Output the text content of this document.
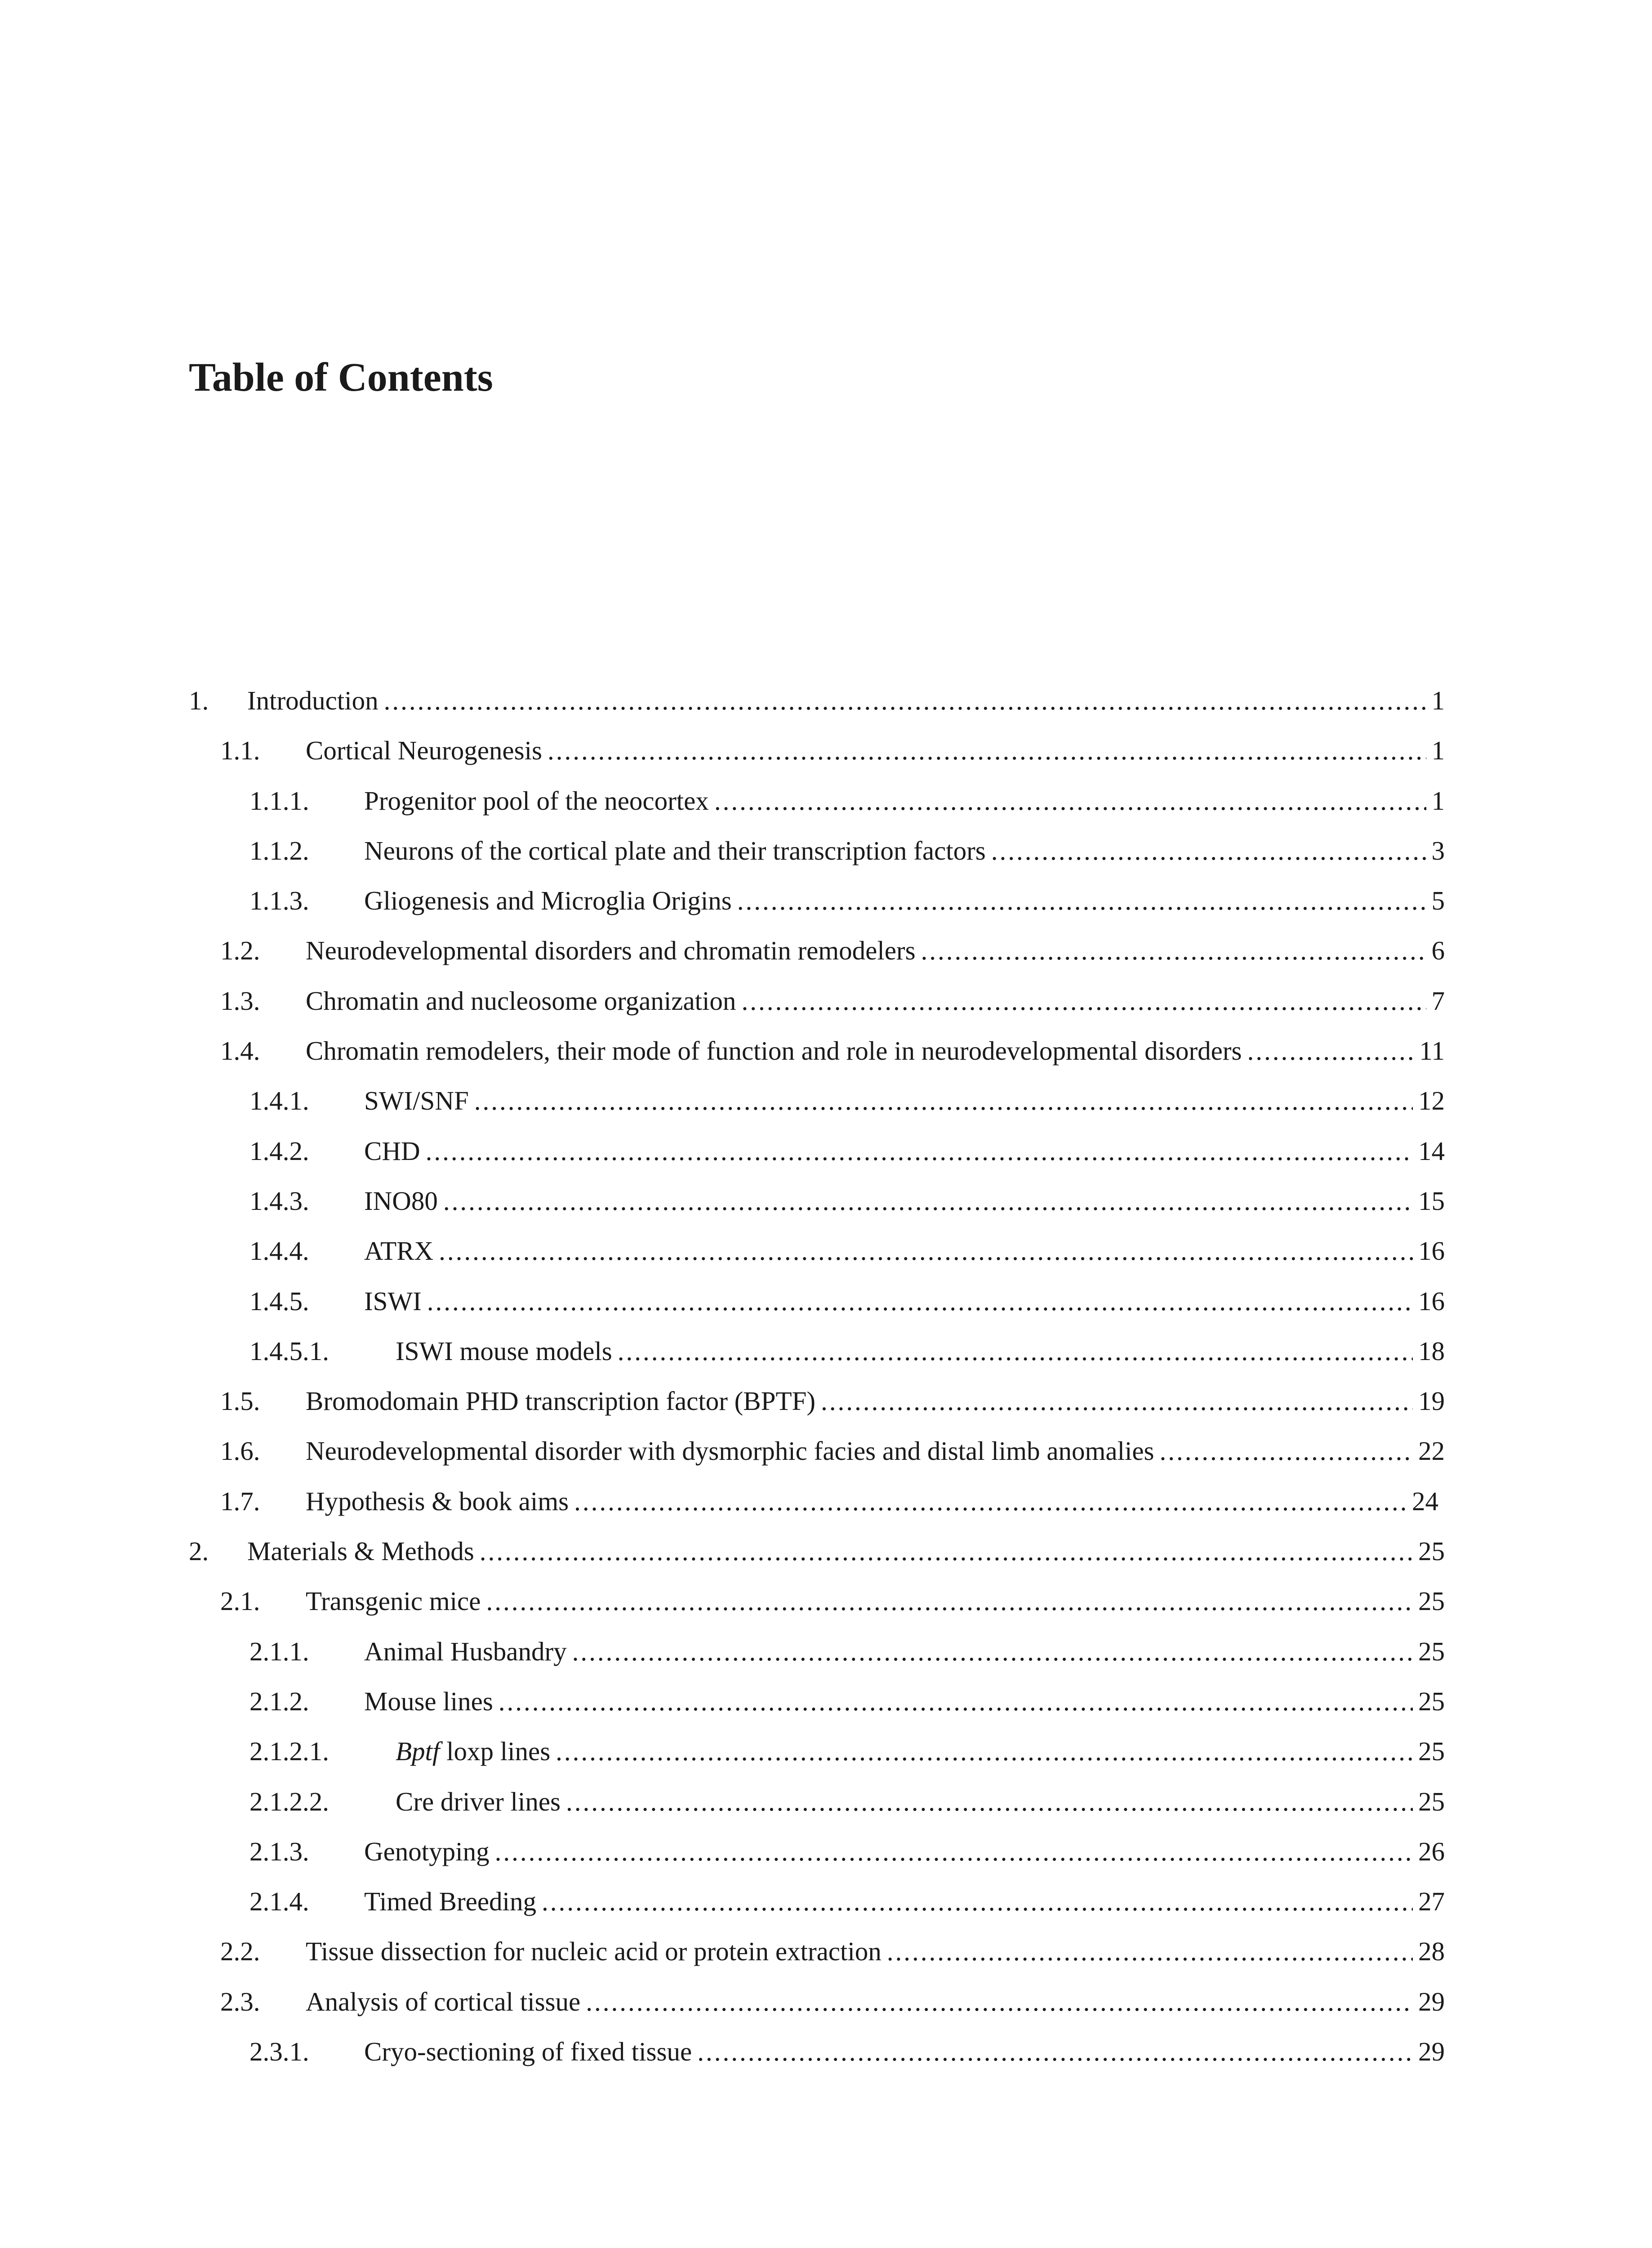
Table of Contents
1.	Introduction .....	1
1.1.	Cortical Neurogenesis .....	1
1.1.1.	Progenitor pool of the neocortex .....	1
1.1.2.	Neurons of the cortical plate and their transcription factors .....	3
1.1.3.	Gliogenesis and Microglia Origins .....	5
1.2.	Neurodevelopmental disorders and chromatin remodelers .....	6
1.3.	Chromatin and nucleosome organization .....	7
1.4.	Chromatin remodelers, their mode of function and role in neurodevelopmental disorders .....	11
1.4.1.	SWI/SNF .....	12
1.4.2.	CHD .....	14
1.4.3.	INO80 .....	15
1.4.4.	ATRX .....	16
1.4.5.	ISWI .....	16
1.4.5.1.	ISWI mouse models .....	18
1.5.	Bromodomain PHD transcription factor (BPTF) .....	19
1.6.	Neurodevelopmental disorder with dysmorphic facies and distal limb anomalies .....	22
1.7.	Hypothesis & book aims .....	24
2.	Materials & Methods .....	25
2.1.	Transgenic mice .....	25
2.1.1.	Animal Husbandry .....	25
2.1.2.	Mouse lines .....	25
2.1.2.1.	Bptf loxp lines .....	25
2.1.2.2.	Cre driver lines .....	25
2.1.3.	Genotyping .....	26
2.1.4.	Timed Breeding .....	27
2.2.	Tissue dissection for nucleic acid or protein extraction .....	28
2.3.	Analysis of cortical tissue .....	29
2.3.1.	Cryo-sectioning of fixed tissue .....	29
